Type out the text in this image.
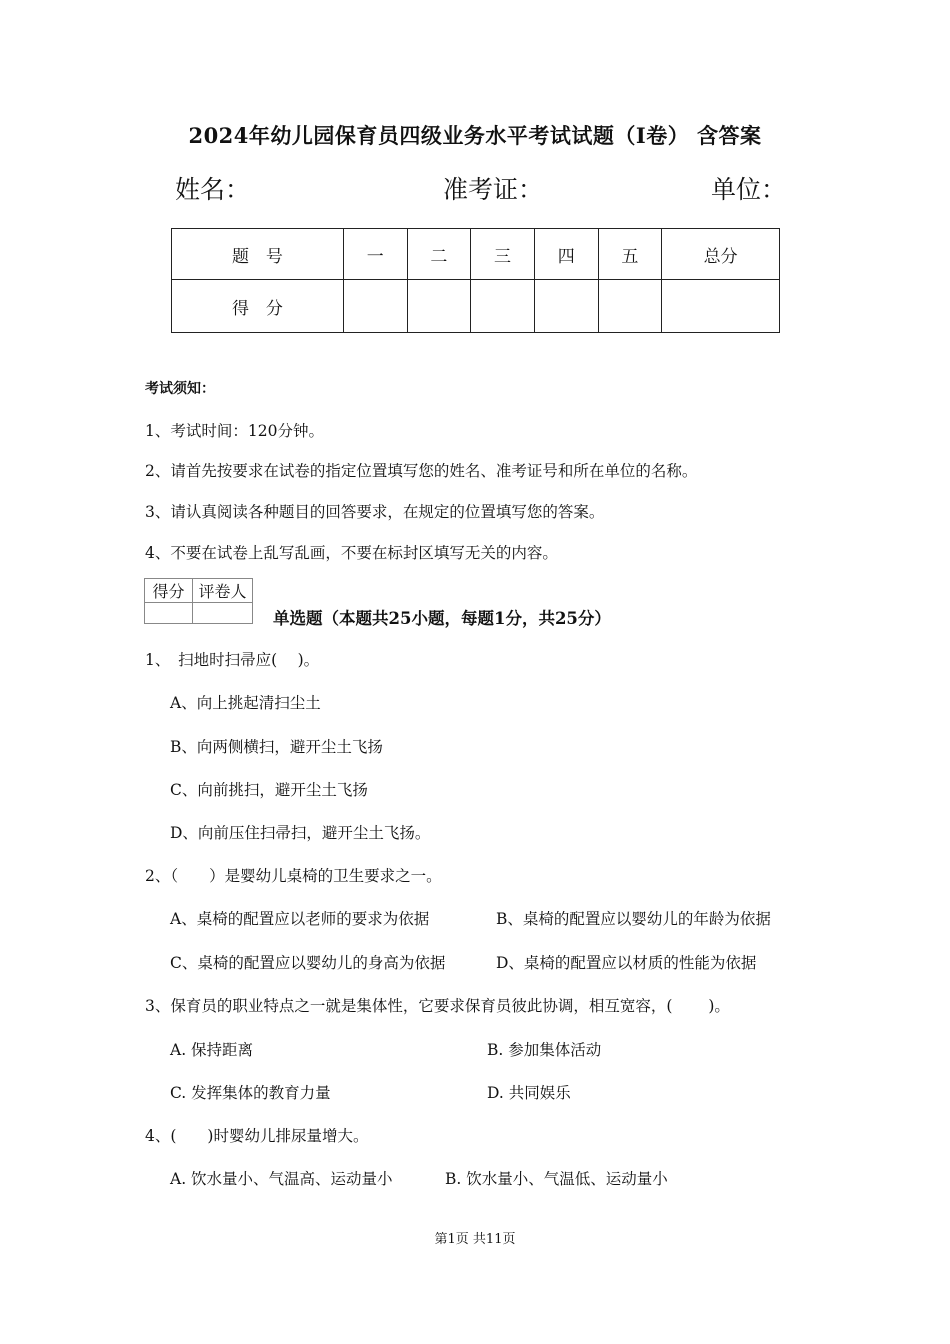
2024年幼儿园保育员四级业务水平考试试题（I卷） 含答案
姓名：	准考证：	单位：
题　号	一	二	三	四	五	总分
得　分						
考试须知：
1、考试时间：120分钟。
2、请首先按要求在试卷的指定位置填写您的姓名、准考证号和所在单位的名称。
3、请认真阅读各种题目的回答要求，在规定的位置填写您的答案。
4、不要在试卷上乱写乱画，不要在标封区填写无关的内容。
得分	评卷人

单选题（本题共25小题，每题1分，共25分）
1、　扫地时扫帚应(　 )。
A、向上挑起清扫尘土
B、向两侧横扫，避开尘土飞扬
C、向前挑扫，避开尘土飞扬
D、向前压住扫帚扫，避开尘土飞扬。
2、（　　）是婴幼儿桌椅的卫生要求之一。
A、桌椅的配置应以老师的要求为依据	B、桌椅的配置应以婴幼儿的年龄为依据
C、桌椅的配置应以婴幼儿的身高为依据	D、桌椅的配置应以材质的性能为依据
3、保育员的职业特点之一就是集体性，它要求保育员彼此协调，相互宽容，(　　 )。
A. 保持距离	B. 参加集体活动
C. 发挥集体的教育力量	D. 共同娱乐
4、(　　)时婴幼儿排尿量增大。
A. 饮水量小、气温高、运动量小	B. 饮水量小、气温低、运动量小
第1页 共11页
